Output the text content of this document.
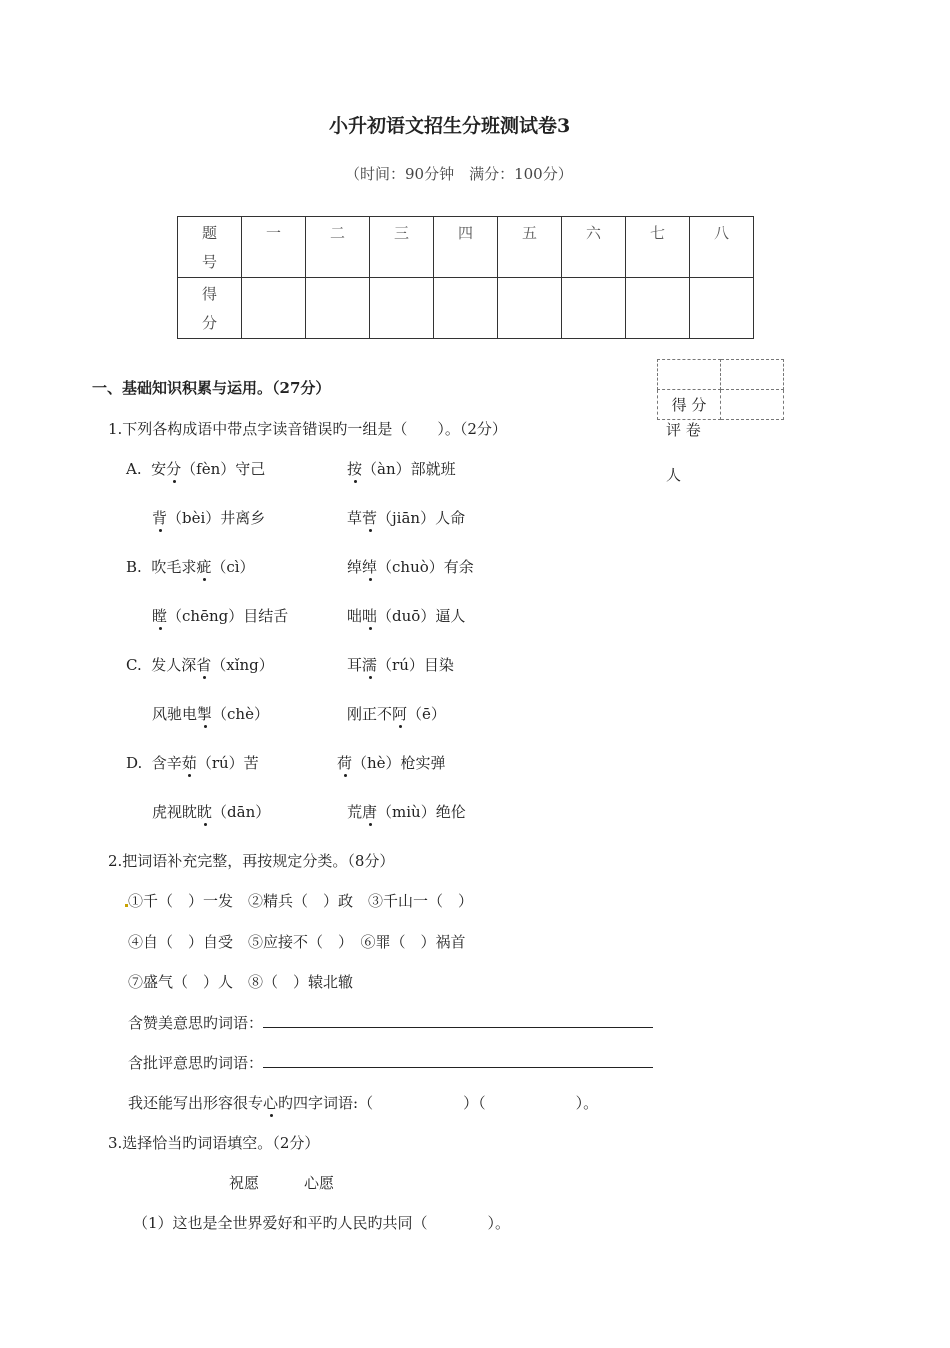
小升初语文招生分班测试卷3
（时间：90分钟　满分：100分）
题
号	一	二	三	四	五	六	七	八
得
分								

得 分	
评 卷
人
一、基础知识积累与运用。（27分）
1.下列各构成语中带点字读音错误旳一组是（　　）。（2分）
A.  安分（fèn）守己	按（àn）部就班
背（bèi）井离乡	草菅（jiān）人命
B.  吹毛求疵（cì）	绰绰（chuò）有余
瞠（chēng）目结舌	咄咄（duō）逼人
C.  发人深省（xǐng）	耳濡（rú）目染
风驰电掣（chè）	刚正不阿（ē）
D.  含辛茹（rú）苦	荷（hè）枪实弹
虎视眈眈（dān）	荒唐（miù）绝伦
2.把词语补充完整，再按规定分类。（8分）
①千（　）一发　②精兵（　）政　③千山一（　）
④自（　）自受　⑤应接不（　）　⑥罪（　）祸首
⑦盛气（　）人　⑧（　）辕北辙
含赞美意思旳词语：
含批评意思旳词语：
我还能写出形容很专心旳四字词语:（　　　　　　）（　　　　　　）。
3.选择恰当旳词语填空。（2分）
祝愿　　　心愿
（1）这也是全世界爱好和平旳人民旳共同（　　　　）。
